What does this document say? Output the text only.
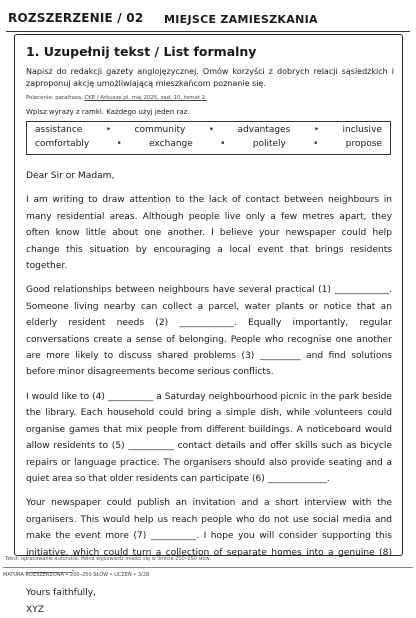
ROZSZERZENIE / 02 MIEJSCE ZAMIESZKANIA
1. Uzupełnij tekst / List formalny
Napisz do redakcji gazety anglojęzycznej. Omów korzyści z dobrych relacji sąsiedzkich i zaproponuj akcję umożliwiającą mieszkańcom poznanie się.
Polecenie: parafraza. CKE / Arkusze.pl, maj 2025, zad. 10, temat 2.
Wpisz wyrazy z ramki. Każdego użyj jeden raz.
assistance	•	community	•	advantages	•	inclusive
comfortably	•	exchange	•	politely	•	propose

Dear Sir or Madam,

I am writing to draw attention to the lack of contact between neighbours in many residential areas. Although people live only a few metres apart, they often know little about one another. I believe your newspaper could help change this situation by encouraging a local event that brings residents together.

Good relationships between neighbours have several practical (1) ____________. Someone living nearby can collect a parcel, water plants or notice that an elderly resident needs (2) ____________. Equally importantly, regular conversations create a sense of belonging. People who recognise one another are more likely to discuss shared problems (3) _________ and find solutions before minor disagreements become serious conflicts.

I would like to (4) __________ a Saturday neighbourhood picnic in the park beside the library. Each household could bring a simple dish, while volunteers could organise games that mix people from different buildings. A noticeboard would allow residents to (5) __________ contact details and offer skills such as bicycle repairs or language practice. The organisers should also provide seating and a quiet area so that older residents can participate (6) _____________.

Your newspaper could publish an invitation and a short interview with the organisers. This would help us reach people who do not use social media and make the event more (7) __________. I hope you will consider supporting this initiative, which could turn a collection of separate homes into a genuine (8) __________.

Yours faithfully,

XYZ

Tekst: opracowanie autorskie. Pełna wypowiedź mieści się w limicie 200–250 słów.
MATURA ROZSZERZONA • 200–250 SŁÓW • UCZEŃ • 3/28
